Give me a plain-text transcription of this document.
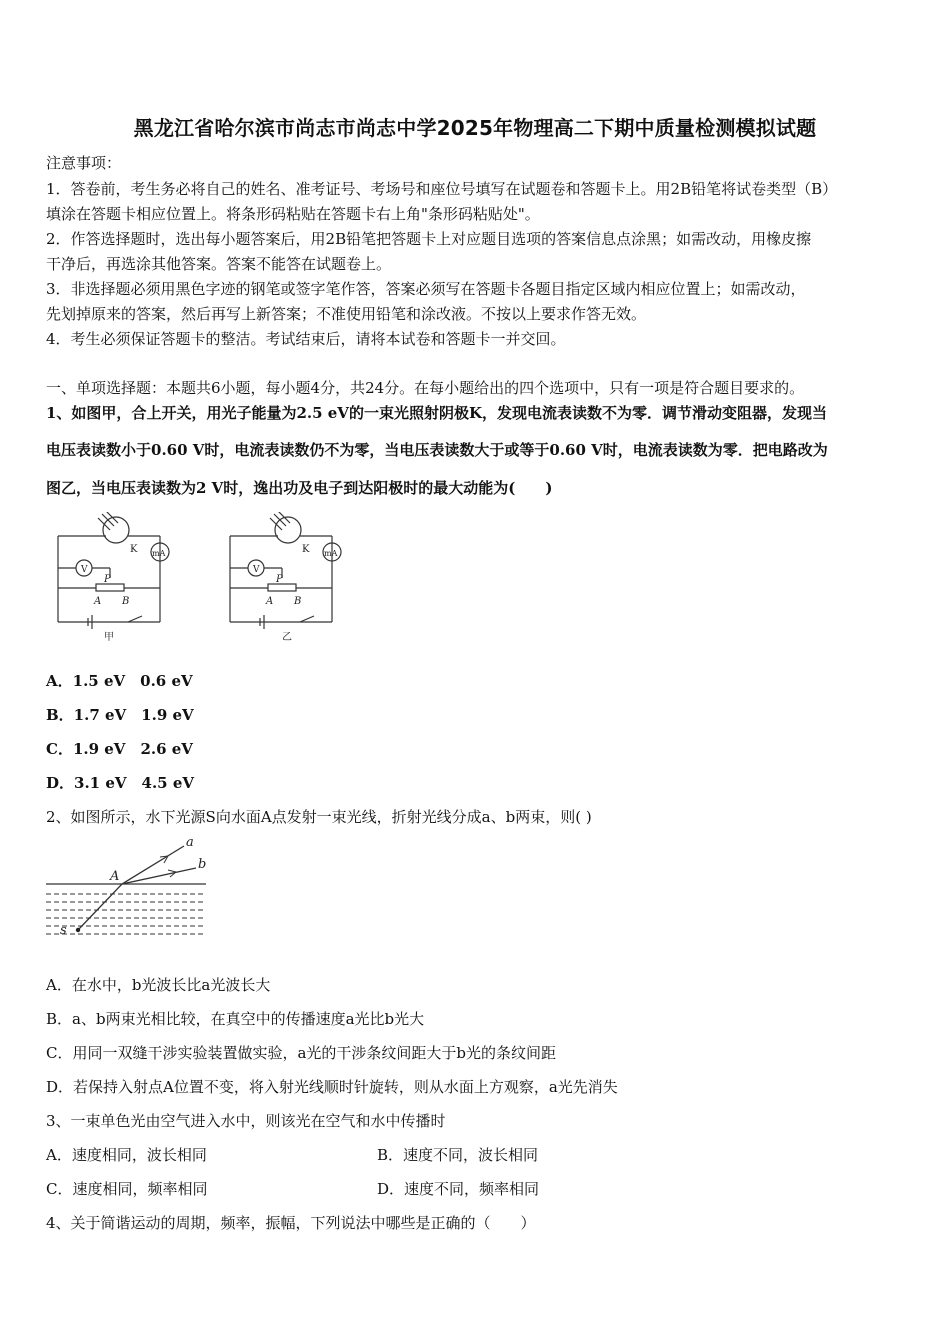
黑龙江省哈尔滨市尚志市尚志中学2025年物理高二下期中质量检测模拟试题
注意事项：
1．答卷前，考生务必将自己的姓名、准考证号、考场号和座位号填写在试题卷和答题卡上。用2B铅笔将试卷类型（B）
填涂在答题卡相应位置上。将条形码粘贴在答题卡右上角"条形码粘贴处"。
2．作答选择题时，选出每小题答案后，用2B铅笔把答题卡上对应题目选项的答案信息点涂黑；如需改动，用橡皮擦
干净后，再选涂其他答案。答案不能答在试题卷上。
3．非选择题必须用黑色字迹的钢笔或签字笔作答，答案必须写在答题卡各题目指定区域内相应位置上；如需改动，
先划掉原来的答案，然后再写上新答案；不准使用铅笔和涂改液。不按以上要求作答无效。
4．考生必须保证答题卡的整洁。考试结束后，请将本试卷和答题卡一并交回。
一、单项选择题：本题共6小题，每小题4分，共24分。在每小题给出的四个选项中，只有一项是符合题目要求的。
1、如图甲，合上开关，用光子能量为2.5 eV的一束光照射阴极K，发现电流表读数不为零．调节滑动变阻器，发现当
电压表读数小于0.60 V时，电流表读数仍不为零，当电压表读数大于或等于0.60 V时，电流表读数为零．把电路改为
图乙，当电压表读数为2 V时，逸出功及电子到达阳极时的最大动能为(　　)
K mA
V
P
A B
甲
K mA
V
P
A B
乙
A．1.5 eV　0.6 eV
B．1.7 eV　1.9 eV
C．1.9 eV　2.6 eV
D．3.1 eV　4.5 eV
2、如图所示，水下光源S向水面A点发射一束光线，折射光线分成a、b两束，则( )
a
b
A
s
A．在水中，b光波长比a光波长大
B．a、b两束光相比较，在真空中的传播速度a光比b光大
C．用同一双缝干涉实验装置做实验，a光的干涉条纹间距大于b光的条纹间距
D．若保持入射点A位置不变，将入射光线顺时针旋转，则从水面上方观察，a光先消失
3、一束单色光由空气进入水中，则该光在空气和水中传播时
A．速度相同，波长相同	B．速度不同，波长相同
C．速度相同，频率相同	D．速度不同，频率相同
4、关于简谐运动的周期，频率，振幅，下列说法中哪些是正确的（　　）
